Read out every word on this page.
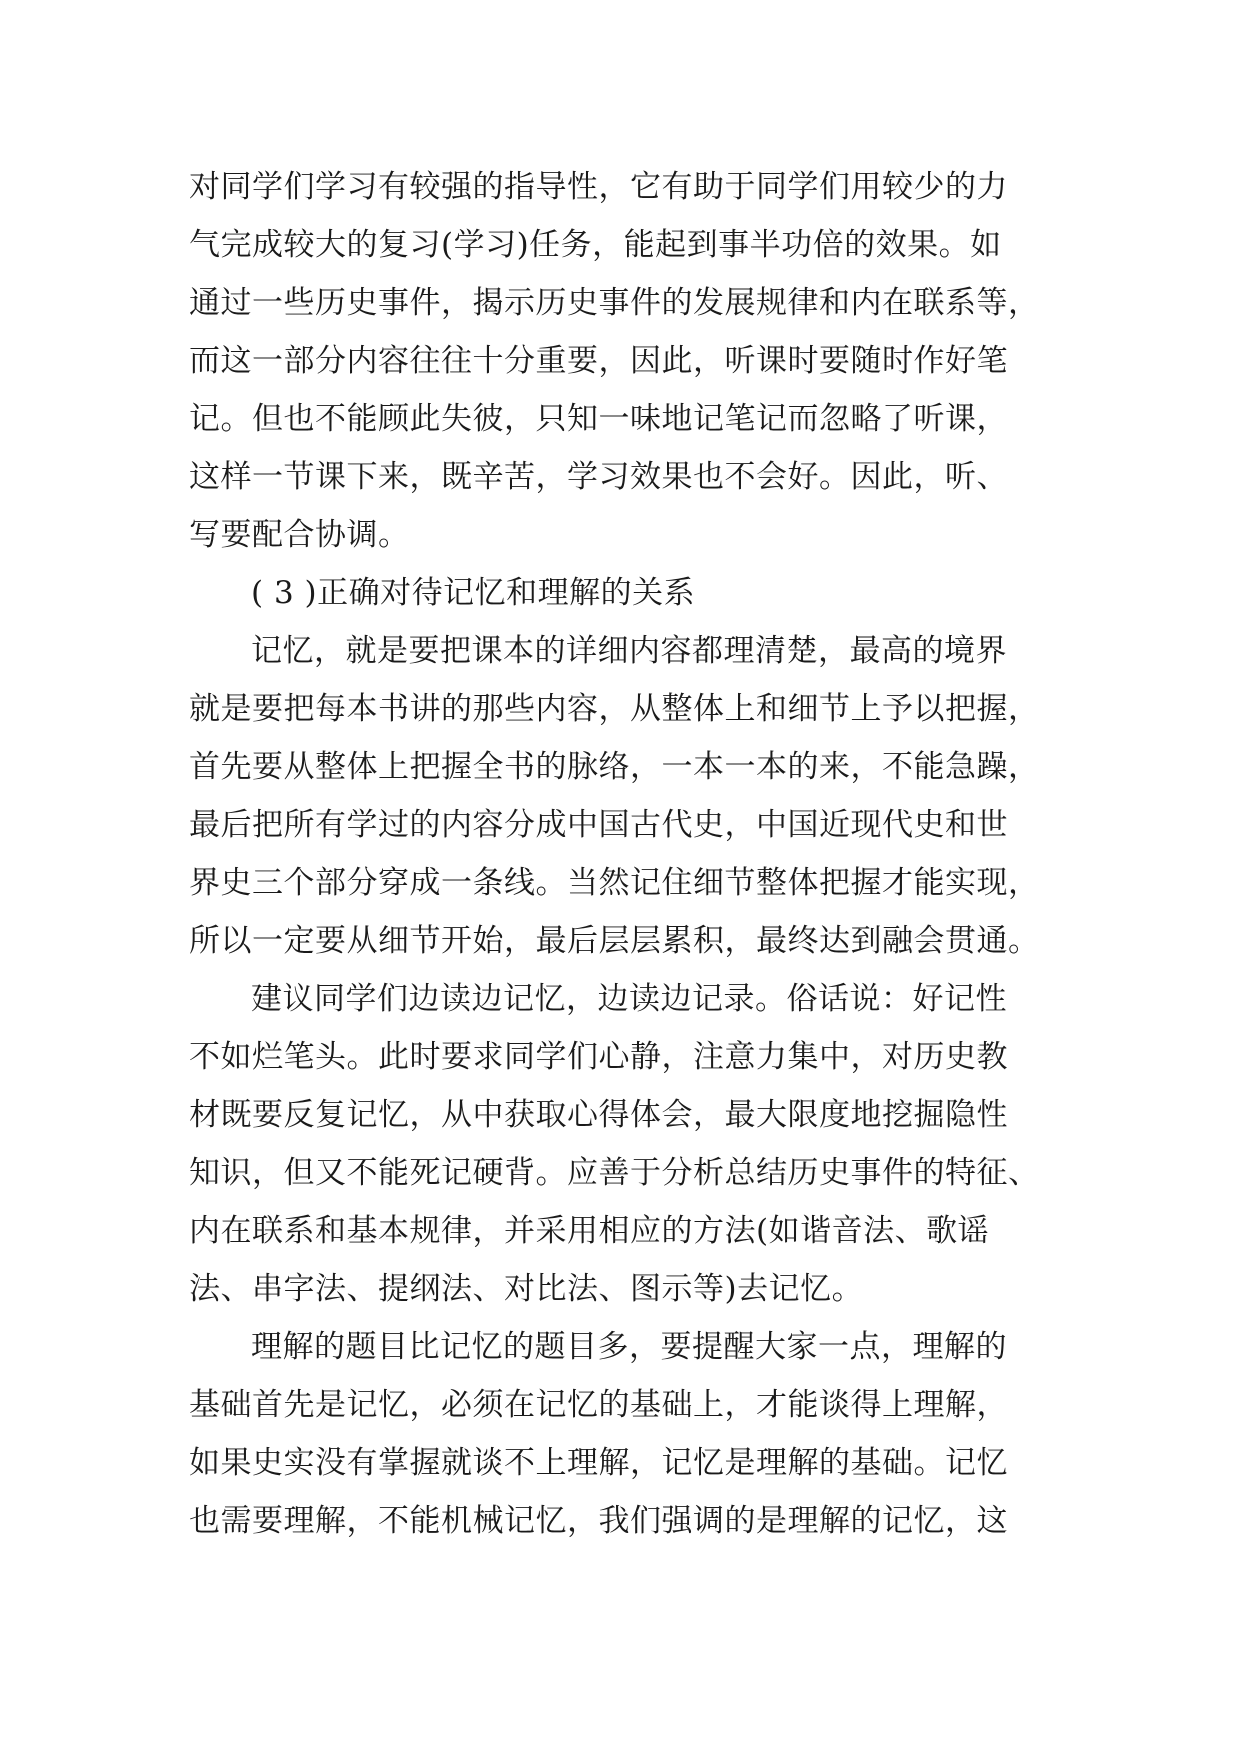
对同学们学习有较强的指导性，它有助于同学们用较少的力
气完成较大的复习(学习)任务，能起到事半功倍的效果。如
通过一些历史事件，揭示历史事件的发展规律和内在联系等，
而这一部分内容往往十分重要，因此，听课时要随时作好笔
记。但也不能顾此失彼，只知一味地记笔记而忽略了听课，
这样一节课下来，既辛苦，学习效果也不会好。因此，听、
写要配合协调。
( 3 )正确对待记忆和理解的关系
记忆，就是要把课本的详细内容都理清楚，最高的境界
就是要把每本书讲的那些内容，从整体上和细节上予以把握，
首先要从整体上把握全书的脉络，一本一本的来，不能急躁，
最后把所有学过的内容分成中国古代史，中国近现代史和世
界史三个部分穿成一条线。当然记住细节整体把握才能实现，
所以一定要从细节开始，最后层层累积，最终达到融会贯通。
建议同学们边读边记忆，边读边记录。俗话说：好记性
不如烂笔头。此时要求同学们心静，注意力集中，对历史教
材既要反复记忆，从中获取心得体会，最大限度地挖掘隐性
知识，但又不能死记硬背。应善于分析总结历史事件的特征、
内在联系和基本规律，并采用相应的方法(如谐音法、歌谣
法、串字法、提纲法、对比法、图示等)去记忆。
理解的题目比记忆的题目多，要提醒大家一点，理解的
基础首先是记忆，必须在记忆的基础上，才能谈得上理解，
如果史实没有掌握就谈不上理解，记忆是理解的基础。记忆
也需要理解，不能机械记忆，我们强调的是理解的记忆，这
